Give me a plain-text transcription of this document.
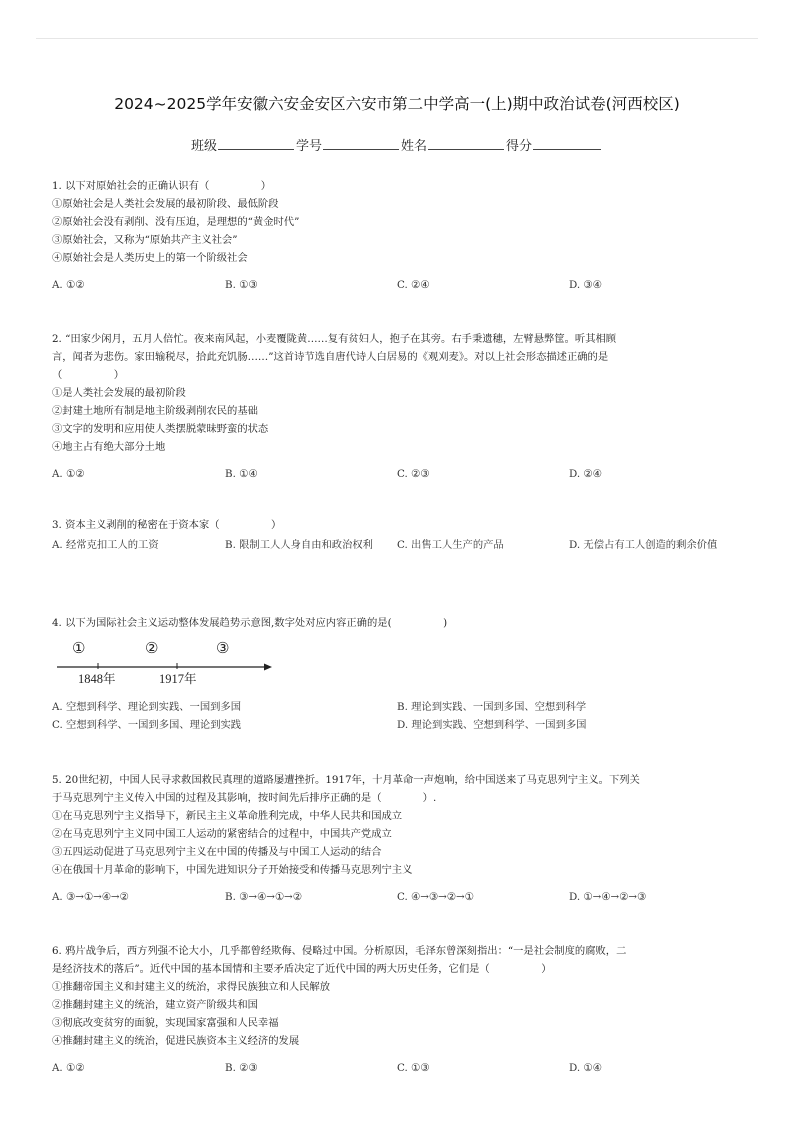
2024~2025学年安徽六安金安区六安市第二中学高一(上)期中政治试卷(河西校区)
班级	学号	姓名	得分
1. 以下对原始社会的正确认识有（　　　　　）
①原始社会是人类社会发展的最初阶段、最低阶段
②原始社会没有剥削、没有压迫，是理想的“黄金时代”
③原始社会，又称为“原始共产主义社会”
④原始社会是人类历史上的第一个阶级社会
A. ①②	B. ①③	C. ②④	D. ③④
2. “田家少闲月，五月人倍忙。夜来南风起，小麦覆陇黄……复有贫妇人，抱子在其旁。右手秉遗穗，左臂悬弊筐。听其相顾
言，闻者为悲伤。家田输税尽，拾此充饥肠……”这首诗节选自唐代诗人白居易的《观刈麦》。对以上社会形态描述正确的是
（　　　　　）
①是人类社会发展的最初阶段
②封建土地所有制是地主阶级剥削农民的基础
③文字的发明和应用使人类摆脱蒙昧野蛮的状态
④地主占有绝大部分土地
A. ①②	B. ①④	C. ②③	D. ②④
3. 资本主义剥削的秘密在于资本家（　　　　　）
A. 经常克扣工人的工资	B. 限制工人人身自由和政治权利	C. 出售工人生产的产品	D. 无偿占有工人创造的剩余价值
4. 以下为国际社会主义运动整体发展趋势示意图,数字处对应内容正确的是(　　　　　)
①	②	③
1848年	1917年
A. 空想到科学、理论到实践、一国到多国	B. 理论到实践、一国到多国、空想到科学
C. 空想到科学、一国到多国、理论到实践	D. 理论到实践、空想到科学、一国到多国
5. 20世纪初，中国人民寻求救国救民真理的道路屡遭挫折。1917年，十月革命一声炮响，给中国送来了马克思列宁主义。下列关
于马克思列宁主义传入中国的过程及其影响，按时间先后排序正确的是（　　　　）.
①在马克思列宁主义指导下，新民主主义革命胜利完成，中华人民共和国成立
②在马克思列宁主义同中国工人运动的紧密结合的过程中，中国共产党成立
③五四运动促进了马克思列宁主义在中国的传播及与中国工人运动的结合
④在俄国十月革命的影响下，中国先进知识分子开始接受和传播马克思列宁主义
A. ③→①→④→②	B. ③→④→①→②	C. ④→③→②→①	D. ①→④→②→③
6. 鸦片战争后，西方列强不论大小，几乎都曾经欺侮、侵略过中国。分析原因，毛泽东曾深刻指出：“一是社会制度的腐败，二
是经济技术的落后”。近代中国的基本国情和主要矛盾决定了近代中国的两大历史任务，它们是（　　　　　）
①推翻帝国主义和封建主义的统治，求得民族独立和人民解放
②推翻封建主义的统治，建立资产阶级共和国
③彻底改变贫穷的面貌，实现国家富强和人民幸福
④推翻封建主义的统治，促进民族资本主义经济的发展
A. ①②	B. ②③	C. ①③	D. ①④
